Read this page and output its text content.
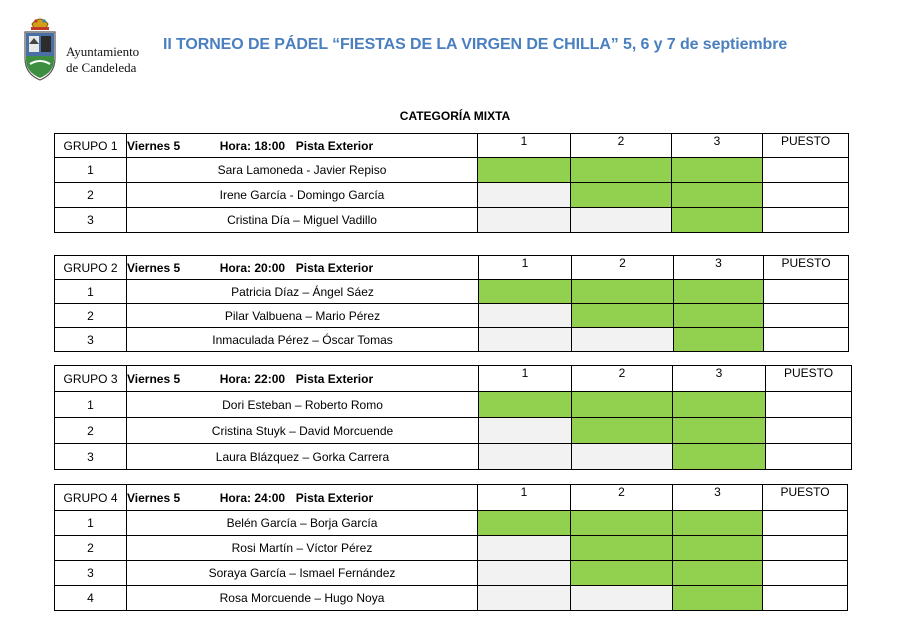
Ayuntamiento
de Candeleda
II TORNEO DE PÁDEL “FIESTAS DE LA VIRGEN DE CHILLA” 5, 6 y 7 de septiembre
CATEGORÍA MIXTA
GRUPO 1	Viernes 5 Hora: 18:00 Pista Exterior	1	2	3	PUESTO
1	Sara Lamoneda - Javier Repiso				
2	Irene García - Domingo García				
3	Cristina Día – Miguel Vadillo				
GRUPO 2	Viernes 5 Hora: 20:00 Pista Exterior	1	2	3	PUESTO
1	Patricia Díaz – Ángel Sáez				
2	Pilar Valbuena – Mario Pérez				
3	Inmaculada Pérez – Óscar Tomas				
GRUPO 3	Viernes 5 Hora: 22:00 Pista Exterior	1	2	3	PUESTO
1	Dori Esteban – Roberto Romo				
2	Cristina Stuyk – David Morcuende				
3	Laura Blázquez – Gorka Carrera				
GRUPO 4	Viernes 5 Hora: 24:00 Pista Exterior	1	2	3	PUESTO
1	Belén García – Borja García				
2	Rosi Martín – Víctor Pérez				
3	Soraya García – Ismael Fernández				
4	Rosa Morcuende – Hugo Noya				
